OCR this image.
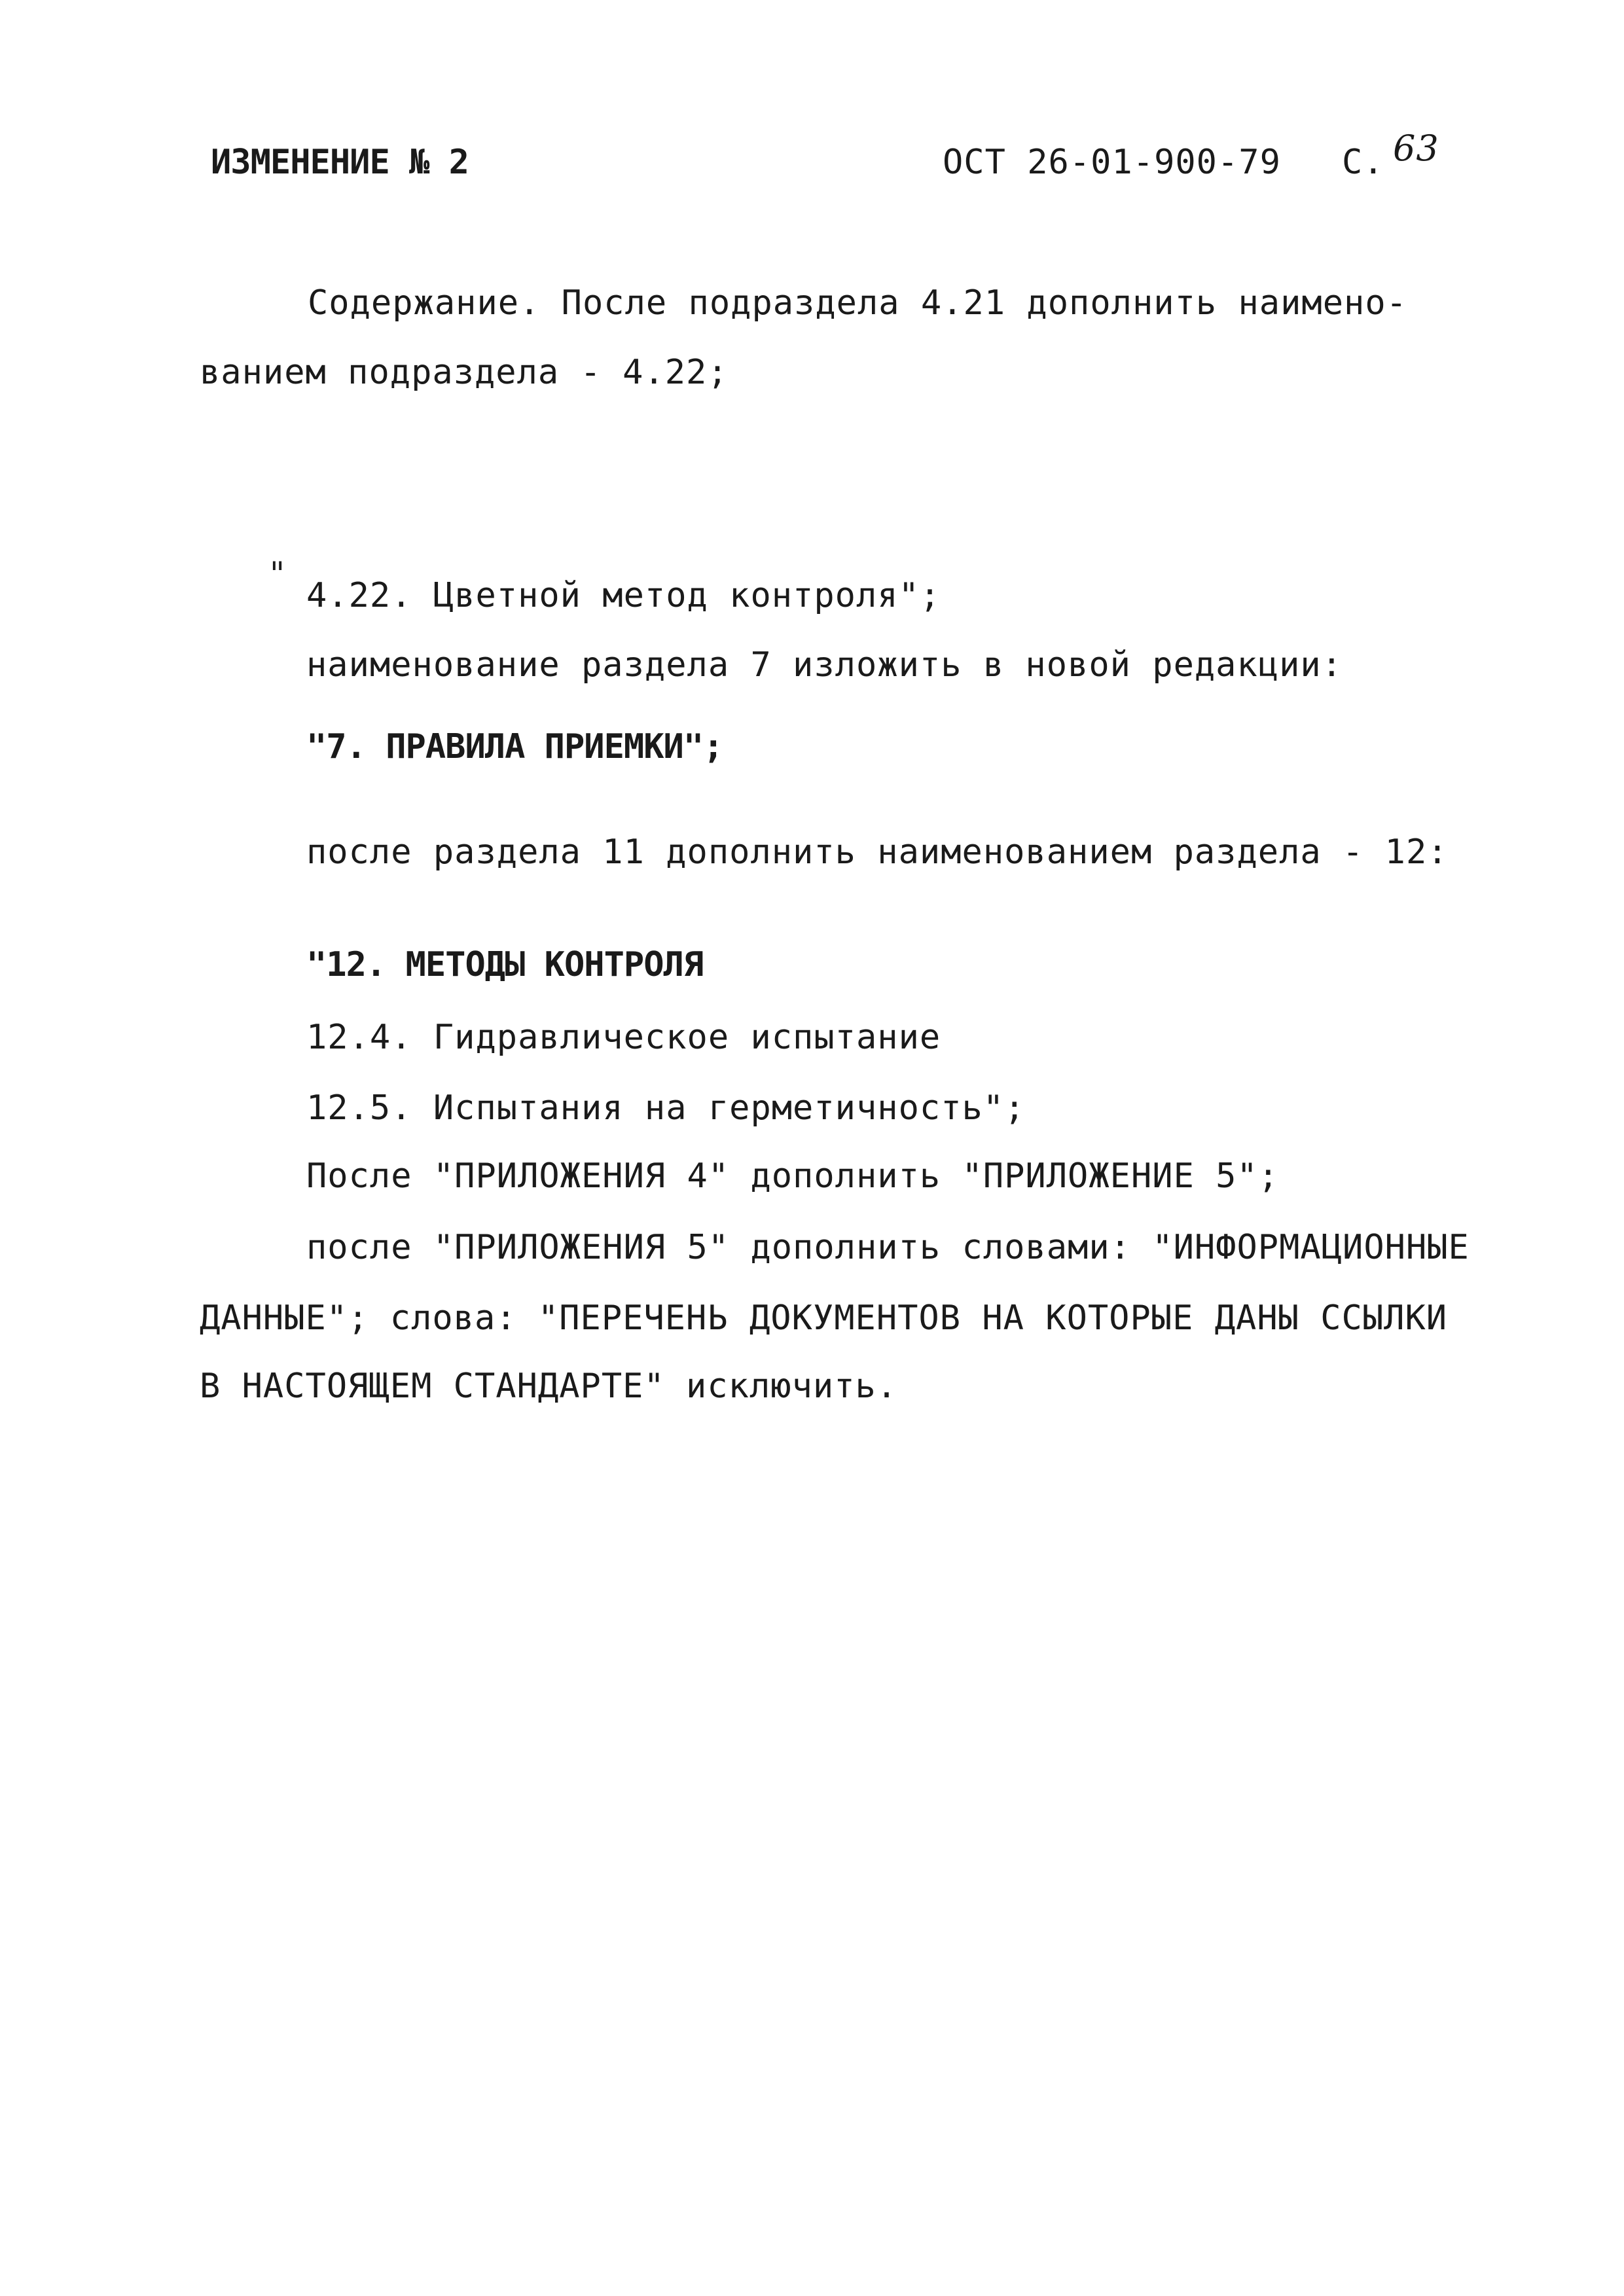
ИЗМЕНЕНИЕ № 2	ОСТ 26-01-900-79 С. 63
Содержание. После подраздела 4.21 дополнить наимено-
ванием подраздела - 4.22;
"
4.22. Цветной метод контроля";
наименование раздела 7 изложить в новой редакции:
"7. ПРАВИЛА ПРИЕМКИ";
после раздела 11 дополнить наименованием раздела - 12:
"12. МЕТОДЫ КОНТРОЛЯ
12.4. Гидравлическое испытание
12.5. Испытания на герметичность";
После "ПРИЛОЖЕНИЯ 4" дополнить "ПРИЛОЖЕНИЕ 5";
после "ПРИЛОЖЕНИЯ 5" дополнить словами: "ИНФОРМАЦИОННЫЕ
ДАННЫЕ"; слова: "ПЕРЕЧЕНЬ ДОКУМЕНТОВ НА КОТОРЫЕ ДАНЫ ССЫЛКИ
В НАСТОЯЩЕМ СТАНДАРТЕ" исключить.
